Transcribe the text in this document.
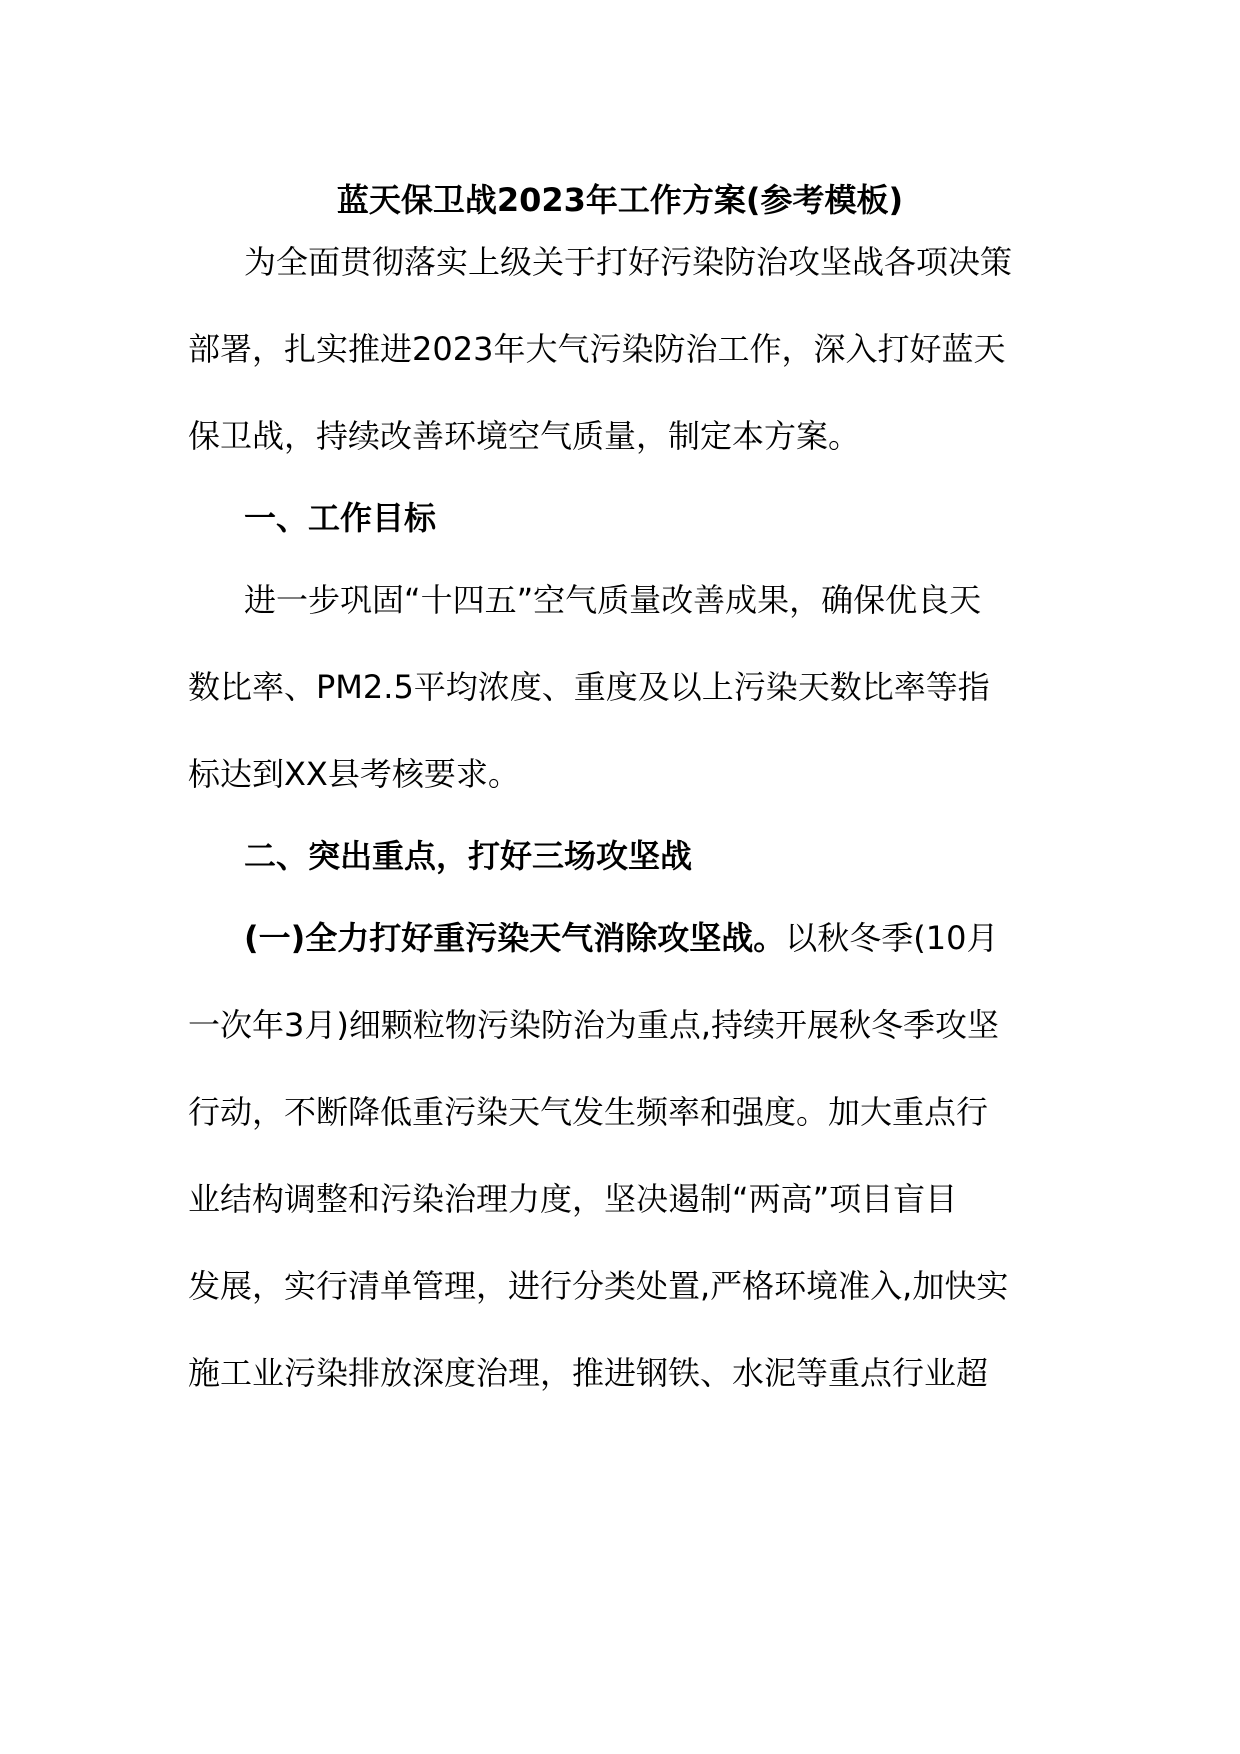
蓝天保卫战2023年工作方案(参考模板)
为全面贯彻落实上级关于打好污染防治攻坚战各项决策
部署，扎实推进2023年大气污染防治工作，深入打好蓝天
保卫战，持续改善环境空气质量，制定本方案。
一、工作目标
进一步巩固“十四五”空气质量改善成果，确保优良天
数比率、PM2.5平均浓度、重度及以上污染天数比率等指
标达到XX县考核要求。
二、突出重点，打好三场攻坚战
(一)全力打好重污染天气消除攻坚战。以秋冬季(10月
一次年3月)细颗粒物污染防治为重点,持续开展秋冬季攻坚
行动，不断降低重污染天气发生频率和强度。加大重点行
业结构调整和污染治理力度，坚决遏制“两高”项目盲目
发展，实行清单管理，进行分类处置,严格环境准入,加快实
施工业污染排放深度治理，推进钢铁、水泥等重点行业超
